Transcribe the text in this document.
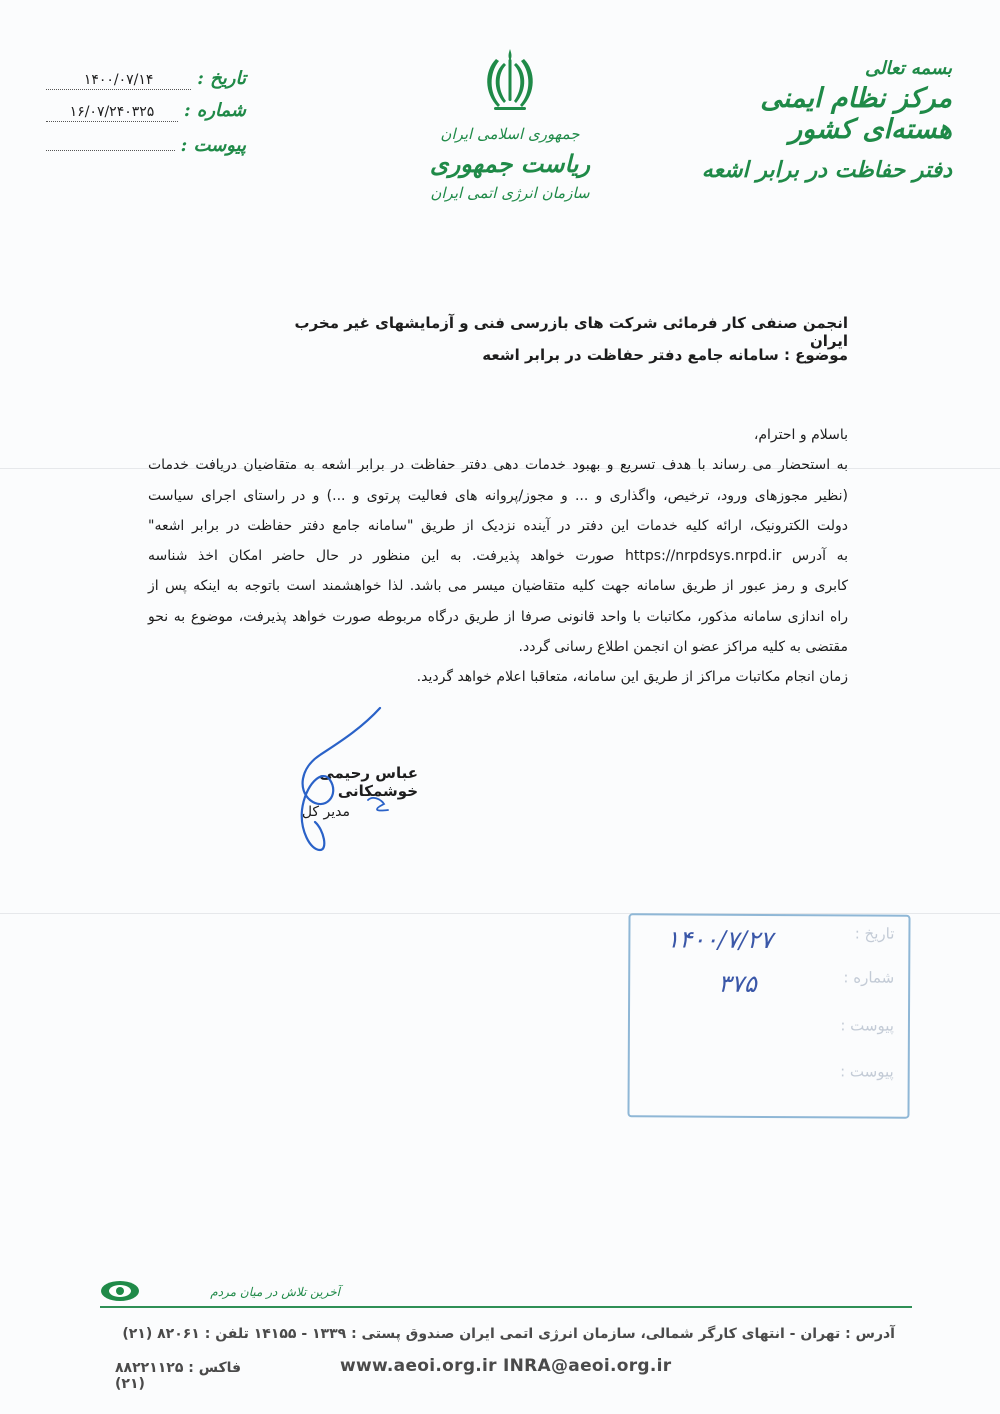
بسمه تعالی
مرکز نظام ایمنی هسته‌ای کشور
دفتر حفاظت در برابر اشعه
جمهوری اسلامی ایران
ریاست جمهوری
سازمان انرژی اتمی ایران
تاریخ :
۱۴۰۰/۰۷/۱۴
شماره :
۱۶/۰۷/۲۴۰۳۲۵
پیوست :
انجمن صنفی کار فرمائی شرکت های بازرسی فنی و آزمایشهای غیر مخرب ایران
موضوع : سامانه جامع دفتر حفاظت در برابر اشعه

باسلام و احترام،

به استحضار می رساند با هدف تسریع و بهبود خدمات دهی دفتر حفاظت در برابر اشعه به متقاضیان دریافت خدمات

(نظیر مجوزهای ورود، ترخیص، واگذاری و ... و مجوز/پروانه های فعالیت پرتوی و ...) و در راستای اجرای سیاست

دولت الکترونیک، ارائه کلیه خدمات این دفتر در آینده نزدیک از طریق "سامانه جامع دفتر حفاظت در برابر اشعه"

به آدرس https://nrpdsys.nrpd.ir صورت خواهد پذیرفت. به این منظور در حال حاضر امکان اخذ شناسه

کابری و رمز عبور از طریق سامانه جهت کلیه متقاضیان میسر می باشد. لذا خواهشمند است باتوجه به اینکه پس از

راه اندازی سامانه مذکور، مکاتبات با واحد قانونی صرفا از طریق درگاه مربوطه صورت خواهد پذیرفت، موضوع به نحو

مقتضی به کلیه مراکز عضو ان انجمن اطلاع رسانی گردد.

زمان انجام مکاتبات مراکز از طریق این سامانه، متعاقبا اعلام خواهد گردید.

عباس رحیمی خوشمکانی
مدیر کل
تاریخ :
۱۴۰۰/۷/۲۷
شماره :
۳۷۵
پیوست :
پیوست :
آخرین تلاش در میان مردم
آدرس : تهران - انتهای کارگر شمالی، سازمان انرژی اتمی ایران صندوق پستی : ۱۳۳۹ - ۱۴۱۵۵ تلفن : ۸۲۰۶۱ (۲۱)
فاکس : ۸۸۲۲۱۱۲۵ (۲۱)
www.aeoi.org.ir INRA@aeoi.org.ir
